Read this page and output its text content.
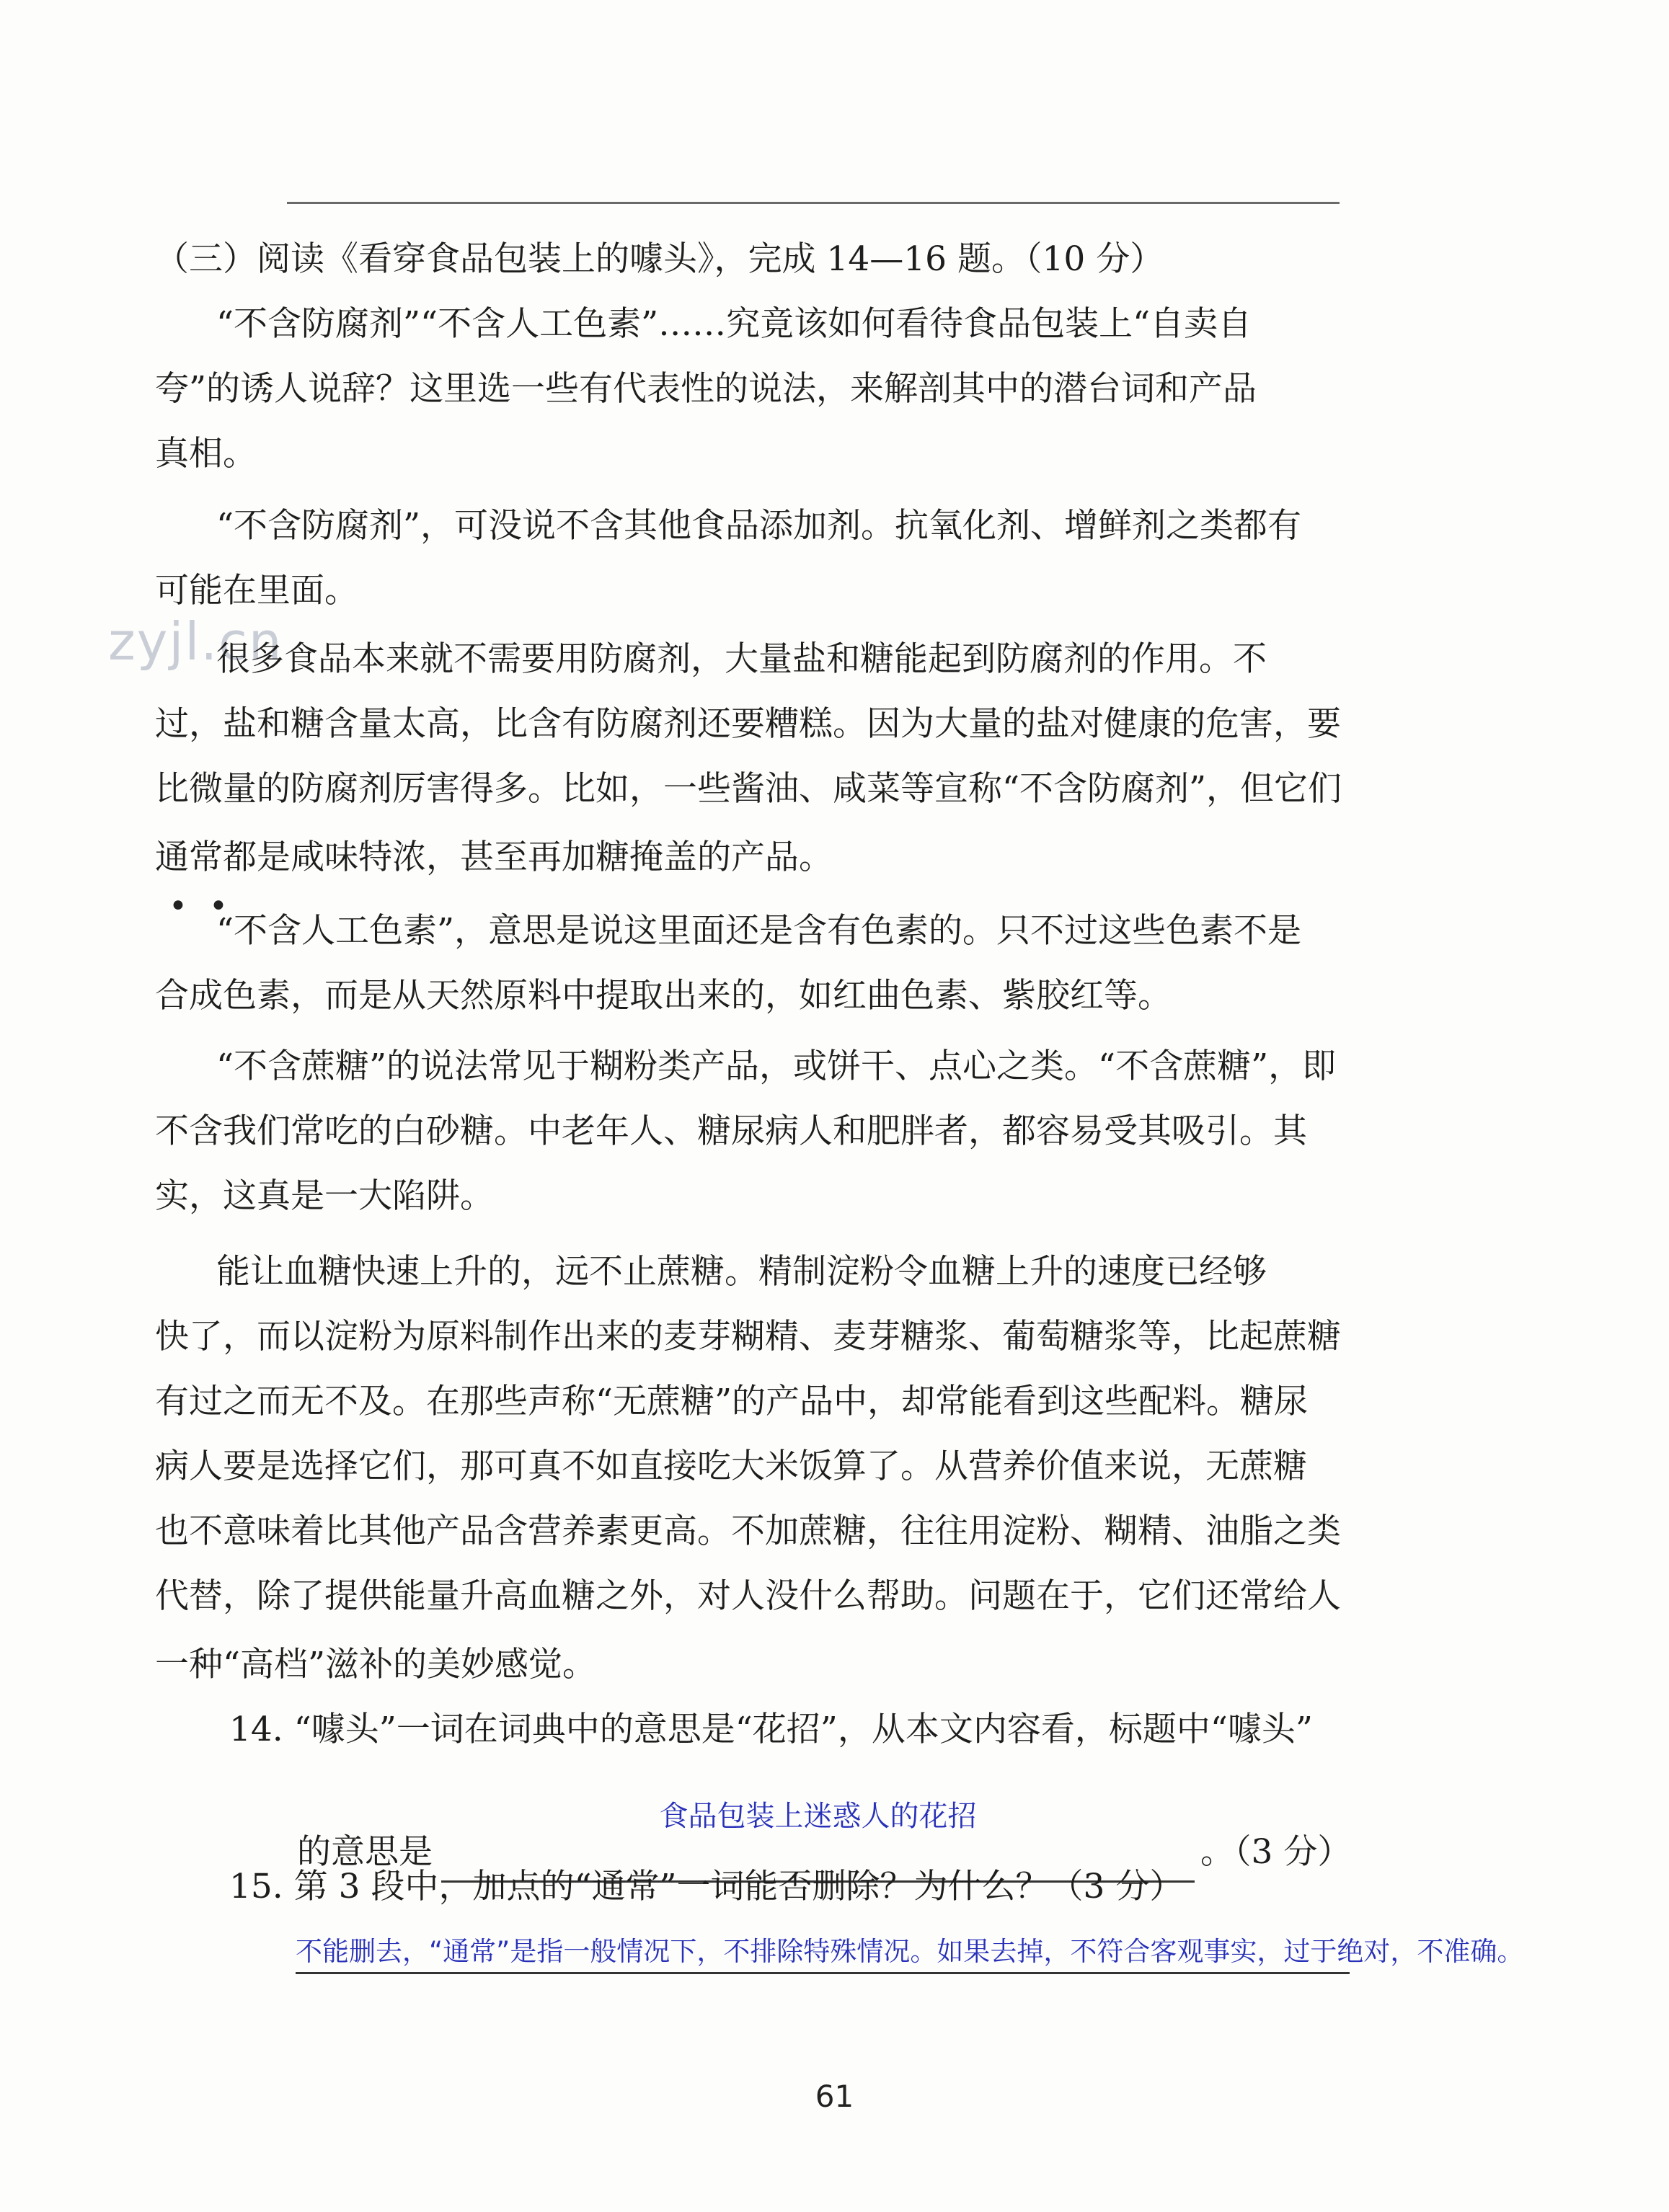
zyjl.cn
（三）阅读《看穿食品包装上的噱头》，完成 14—16 题。（10 分）
“不含防腐剂”“不含人工色素”……究竟该如何看待食品包装上“自卖自
夸”的诱人说辞？这里选一些有代表性的说法，来解剖其中的潜台词和产品
真相。
“不含防腐剂”，可没说不含其他食品添加剂。抗氧化剂、增鲜剂之类都有
可能在里面。
很多食品本来就不需要用防腐剂，大量盐和糖能起到防腐剂的作用。不
过，盐和糖含量太高，比含有防腐剂还要糟糕。因为大量的盐对健康的危害，要
比微量的防腐剂厉害得多。比如，一些酱油、咸菜等宣称“不含防腐剂”，但它们
通常都是咸味特浓，甚至再加糖掩盖的产品。
••
“不含人工色素”，意思是说这里面还是含有色素的。只不过这些色素不是
合成色素，而是从天然原料中提取出来的，如红曲色素、紫胶红等。
“不含蔗糖”的说法常见于糊粉类产品，或饼干、点心之类。“不含蔗糖”，即
不含我们常吃的白砂糖。中老年人、糖尿病人和肥胖者，都容易受其吸引。其
实，这真是一大陷阱。
能让血糖快速上升的，远不止蔗糖。精制淀粉令血糖上升的速度已经够
快了，而以淀粉为原料制作出来的麦芽糊精、麦芽糖浆、葡萄糖浆等，比起蔗糖
有过之而无不及。在那些声称“无蔗糖”的产品中，却常能看到这些配料。糖尿
病人要是选择它们，那可真不如直接吃大米饭算了。从营养价值来说，无蔗糖
也不意味着比其他产品含营养素更高。不加蔗糖，往往用淀粉、糊精、油脂之类
代替，除了提供能量升高血糖之外，对人没什么帮助。问题在于，它们还常给人
一种“高档”滋补的美妙感觉。
14. “噱头”一词在词典中的意思是“花招”，从本文内容看，标题中“噱头”
的意思是
食品包装上迷惑人的花招
。（3 分）
15. 第 3 段中，加点的“通常”一词能否删除？为什么？（3 分）
不能删去，“通常”是指一般情况下，不排除特殊情况。如果去掉，不符合客观事实，过于绝对，不准确。
61
